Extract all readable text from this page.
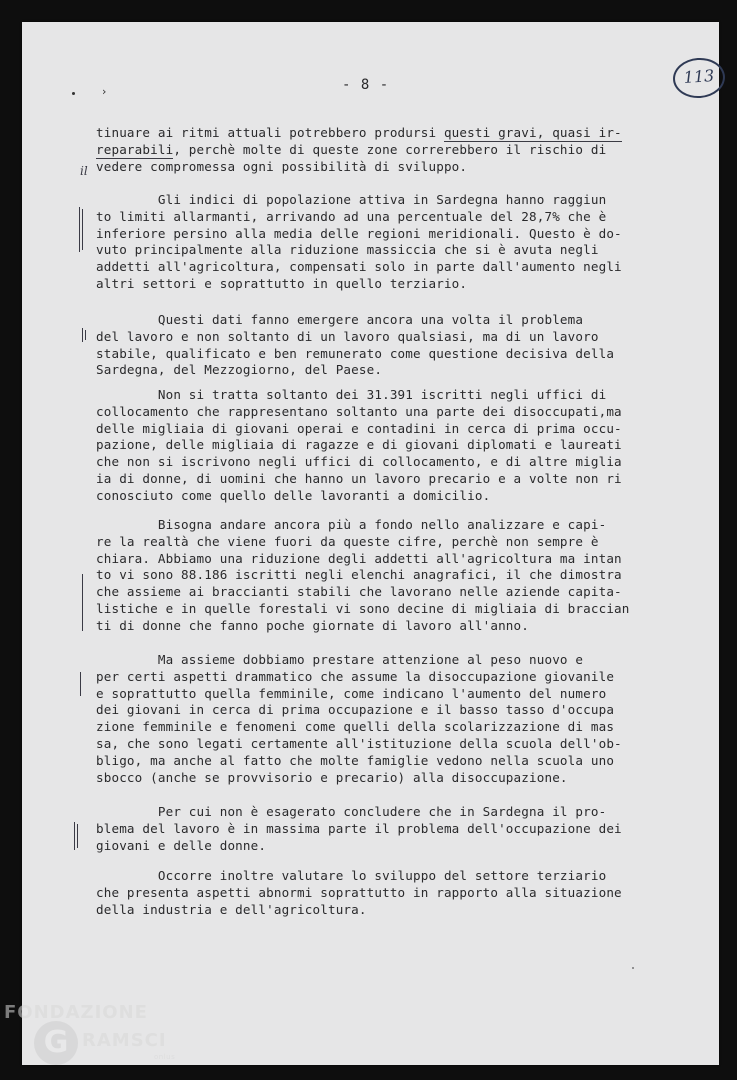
›	- 8 -	113
il
tinuare ai ritmi attuali potrebbero prodursi questi gravi, quasi ir-
reparabili, perchè molte di queste zone correrebbero il rischio di
vedere compromessa ogni possibilità di sviluppo.
Gli indici di popolazione attiva in Sardegna hanno raggiun
to limiti allarmanti, arrivando ad una percentuale del 28,7% che è
inferiore persino alla media delle regioni meridionali. Questo è do-
vuto principalmente alla riduzione massiccia che si è avuta negli
addetti all'agricoltura, compensati solo in parte dall'aumento negli
altri settori e soprattutto in quello terziario.
Questi dati fanno emergere ancora una volta il problema
del lavoro e non soltanto di un lavoro qualsiasi, ma di un lavoro
stabile, qualificato e ben remunerato come questione decisiva della
Sardegna, del Mezzogiorno, del Paese.
Non si tratta soltanto dei 31.391 iscritti negli uffici di
collocamento che rappresentano soltanto una parte dei disoccupati,ma
delle migliaia di giovani operai e contadini in cerca di prima occu-
pazione, delle migliaia di ragazze e di giovani diplomati e laureati
che non si iscrivono negli uffici di collocamento, e di altre miglia
ia di donne, di uomini che hanno un lavoro precario e a volte non ri
conosciuto come quello delle lavoranti a domicilio.
Bisogna andare ancora più a fondo nello analizzare e capi-
re la realtà che viene fuori da queste cifre, perchè non sempre è
chiara. Abbiamo una riduzione degli addetti all'agricoltura ma intan
to vi sono 88.186 iscritti negli elenchi anagrafici, il che dimostra
che assieme ai braccianti stabili che lavorano nelle aziende capita-
listiche e in quelle forestali vi sono decine di migliaia di braccian
ti di donne che fanno poche giornate di lavoro all'anno.
Ma assieme dobbiamo prestare attenzione al peso nuovo e
per certi aspetti drammatico che assume la disoccupazione giovanile
e soprattutto quella femminile, come indicano l'aumento del numero
dei giovani in cerca di prima occupazione e il basso tasso d'occupa
zione femminile e fenomeni come quelli della scolarizzazione di mas
sa, che sono legati certamente all'istituzione della scuola dell'ob-
bligo, ma anche al fatto che molte famiglie vedono nella scuola uno
sbocco (anche se provvisorio e precario) alla disoccupazione.
Per cui non è esagerato concludere che in Sardegna il pro-
blema del lavoro è in massima parte il problema dell'occupazione dei
giovani e delle donne.
Occorre inoltre valutare lo sviluppo del settore terziario
che presenta aspetti abnormi soprattutto in rapporto alla situazione
della industria e dell'agricoltura.
FONDAZIONE
G RAMSCI
onlus
